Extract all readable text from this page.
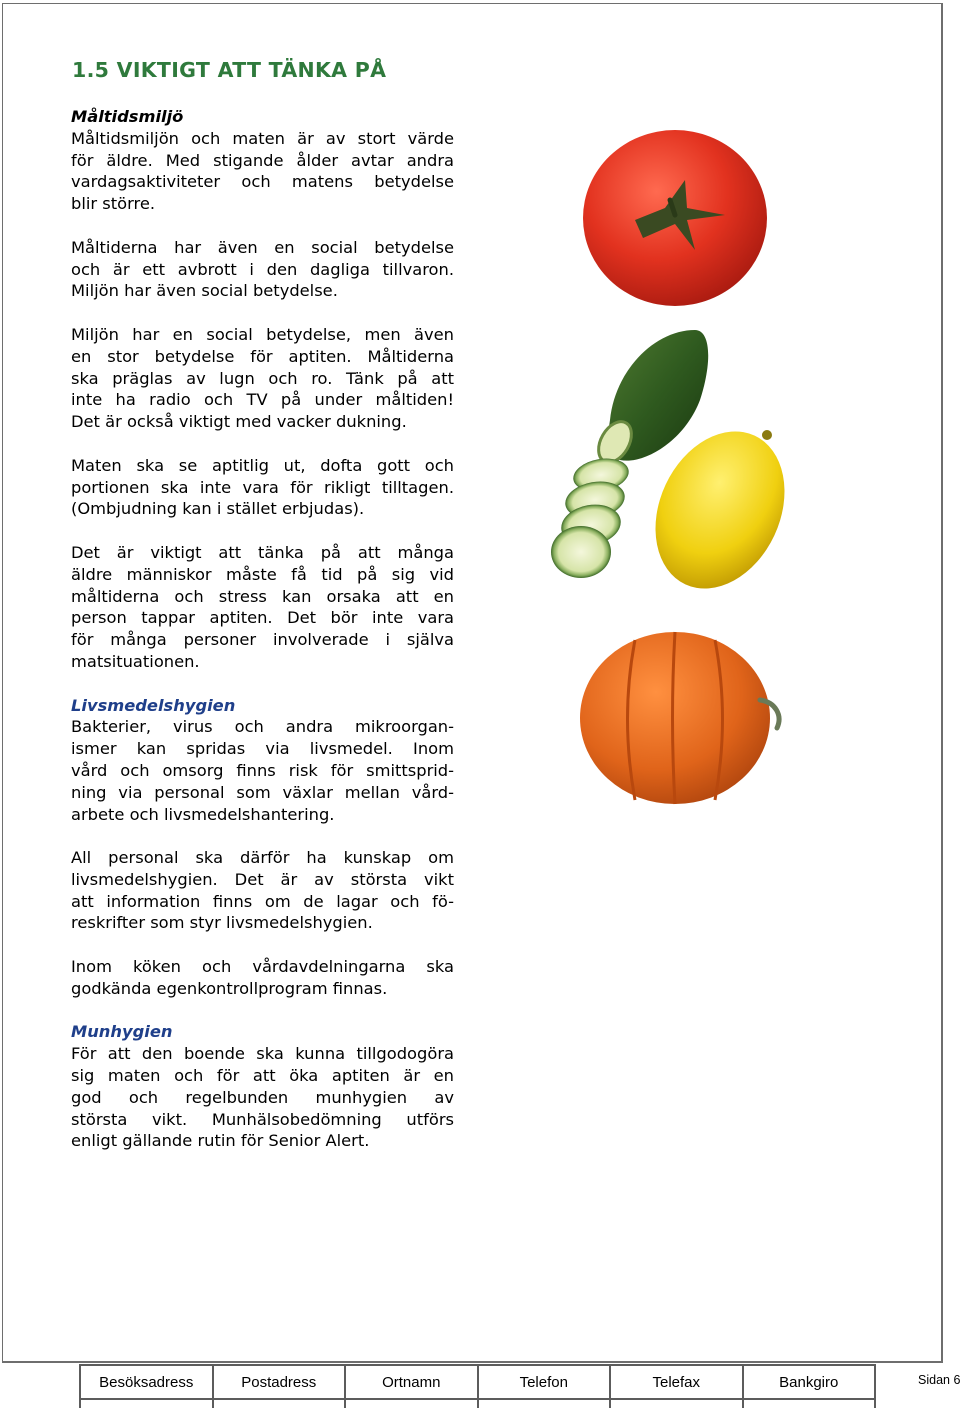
1.5 VIKTIGT ATT TÄNKA PÅ
Måltidsmiljö

Måltidsmiljön och maten är av stort värde
för äldre. Med stigande ålder avtar andra
vardagsaktiviteter och matens betydelse
blir större.

Måltiderna har även en social betydelse
och är ett avbrott i den dagliga tillvaron.
Miljön har även social betydelse.

Miljön har en social betydelse, men även
en stor betydelse för aptiten. Måltiderna
ska präglas av lugn och ro. Tänk på att
inte ha radio och TV på under måltiden!
Det är också viktigt med vacker dukning.

Maten ska se aptitlig ut, dofta gott och
portionen ska inte vara för rikligt tilltagen.
(Ombjudning kan i stället erbjudas).

Det är viktigt att tänka på att många
äldre människor måste få tid på sig vid
måltiderna och stress kan orsaka att en
person tappar aptiten. Det bör inte vara
för många personer involverade i själva
matsituationen.

Livsmedelshygien

Bakterier, virus och andra mikroorgan-
ismer kan spridas via livsmedel. Inom
vård och omsorg finns risk för smittsprid-
ning via personal som växlar mellan vård-
arbete och livsmedelshantering.

All personal ska därför ha kunskap om
livsmedelshygien. Det är av största vikt
att information finns om de lagar och fö-
reskrifter som styr livsmedelshygien.

Inom köken och vårdavdelningarna ska
godkända egenkontrollprogram finnas.

Munhygien

För att den boende ska kunna tillgodogöra
sig maten och för att öka aptiten är en
god och regelbunden munhygien av
största vikt. Munhälsobedömning utförs
enligt gällande rutin för Senior Alert.

Besöksadress	Postadress	Ortnamn	Telefon	Telefax	Bankgiro
						Sidan 6
